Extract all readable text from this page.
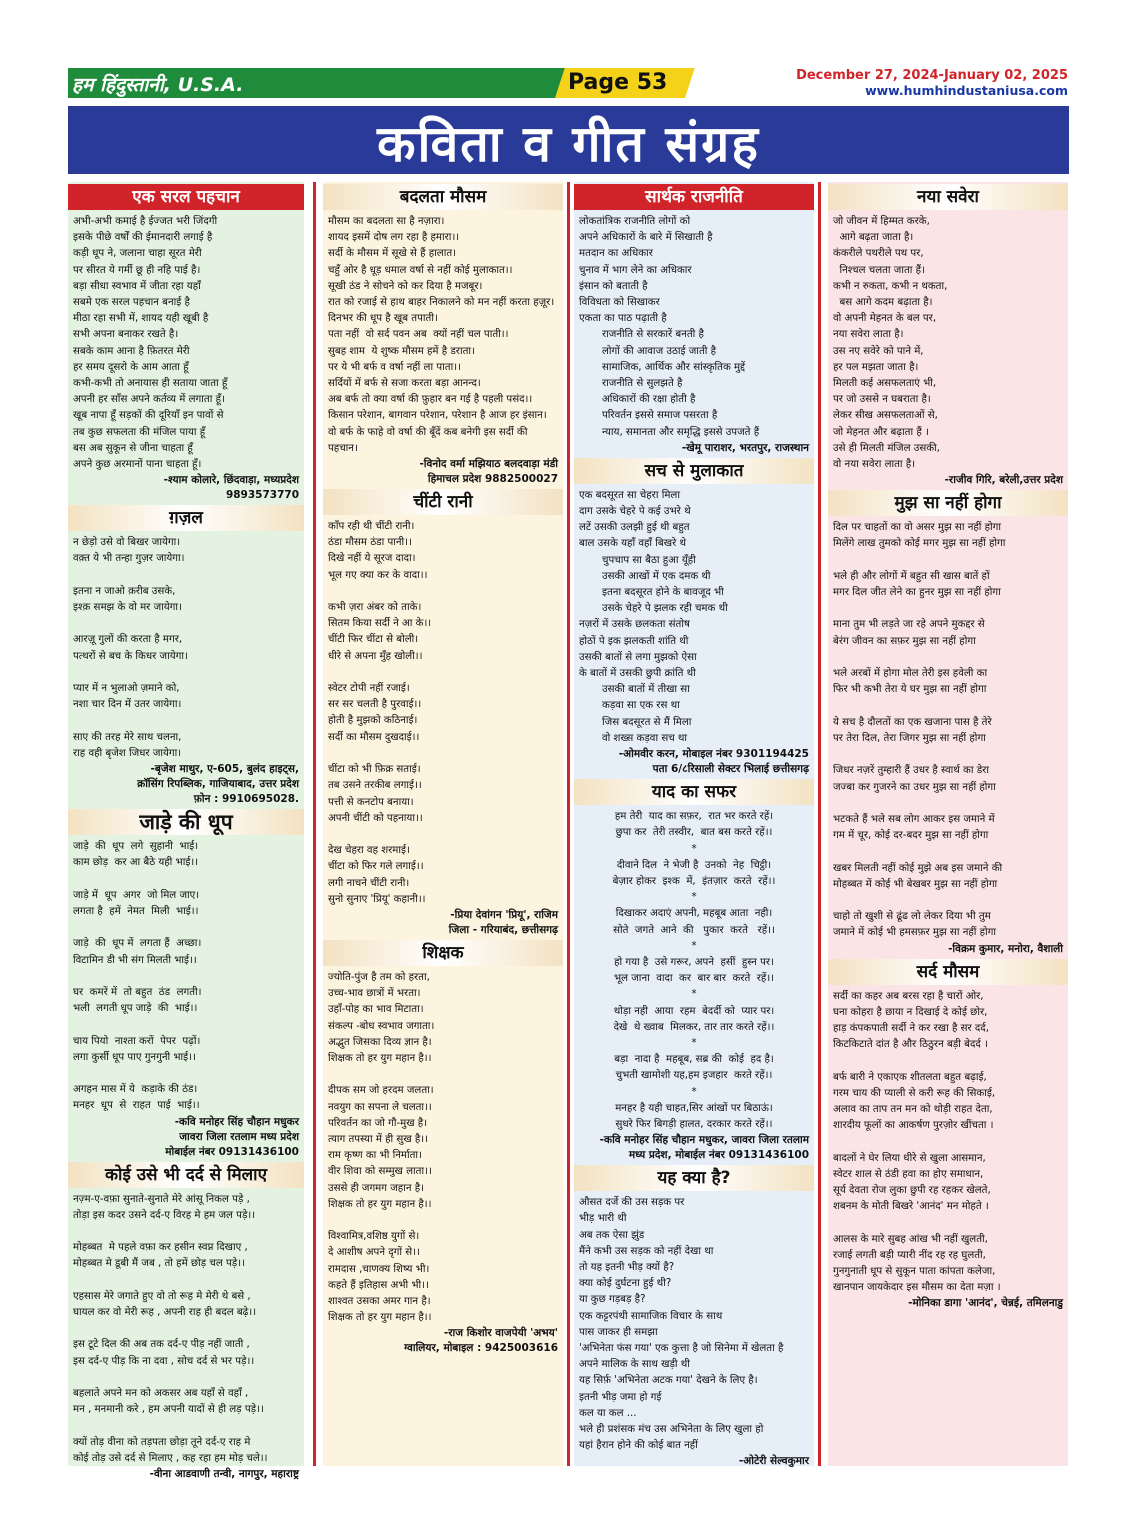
हम हिंदुस्तानी, U.S.A.	Page 53	December 27, 2024-January 02, 2025
www.humhindustaniusa.com
कविता व गीत संग्रह
एक सरल पहचान
अभी-अभी कमाई है ईज्जत भरी जिंदगी
इसके पीछे वर्षों की ईमानदारी लगाई है
कड़ी धूप ने, जलाना चाहा सूरत मेरी
पर सीरत ये गर्मी छू ही नहि पाई है।
बड़ा सीधा स्वभाव में जीता रहा यहाँ
सबमे एक सरल पहचान बनाई है
मीठा रहा सभी में, शायद यही खूबी है
सभी अपना बनाकर रखते है।
सबके काम आना है फ़ितरत मेरी
हर समय दूसरो के आम आता हूँ
कभी-कभी तो अनायास ही सताया जाता हूँ
अपनी हर साँस अपने कर्तव्य में लगाता हूँ।
खूब नापा हूँ सड़कों की दूरियाँ इन पावों से
तब कुछ सफलता की मंजिल पाया हूँ
बस अब सुकून से जीना चाहता हूँ
अपने कुछ अरमानों पाना चाहता हूँ।
-श्याम कोलारे, छिंदवाड़ा, मध्यप्रदेश
9893573770
ग़ज़ल
न छेड़ो उसे वो बिखर जायेगा।
वक़्त ये भी तन्हा गुज़र जायेगा।

इतना न जाओ क़रीब उसके,
इश्क़ समझ के वो मर जायेगा।

आरज़ू गुलों की करता है मगर,
पत्थरों से बच के किधर जायेगा।

प्यार में न भुलाओ ज़माने को,
नशा चार दिन में उतर जायेगा।

साए की तरह मेरे साथ चलना,
राह वही बृजेश जिधर जायेगा।
-बृजेश माथुर, ए-605, बुलंद हाइट्स,
क्रॉसिंग रिपब्लिक, गाजियाबाद, उत्तर प्रदेश
फ़ोन : 9910695028.
जाड़े की धूप
जाड़े  की  धूप  लगे  सुहानी  भाई।
काम छोड़  कर आ बैठे यही भाई।।

जाड़े में  धूप  अगर  जो मिल जाए।
लगता है  हमें  नेमत  मिली  भाई।।

जाड़े  की  धूप में  लगता हैं  अच्छा।
विटामिन डी भी संग मिलती भाई।।

घर  कमरें में  तो बहुत  ठंड  लगती।
भली  लगती धूप जाड़े  की  भाई।।

चाय पियो  नाश्ता करों  पेपर  पढ़ों।
लगा कुर्सी धूप पाए गुनगुनी भाई।।

अगहन मास में ये  कड़ाके की ठंड।
मनहर  धूप  से  राहत  पाई  भाई।।
-कवि मनोहर सिंह चौहान मधुकर
जावरा जिला रतलाम मध्य प्रदेश
मोबाईल नंबर 09131436100
कोई उसे भी दर्द से मिलाए
नज़्म-ए-वफ़ा सुनाते-सुनाते मेरे आंसू निकल पड़े ,
तोड़ा इस कदर उसने दर्द-ए विरह मे हम जल पड़े।।

मोहब्बत  मे पहले वफ़ा कर हसीन स्वप्न दिखाए ,
मोहब्बत मे डूबी मैं जब , तो हमें छोड़ चल पड़े।।

एहसास मेरे जगाते हुए वो तो रूह मे मेरी थे बसे ,
घायल कर वो मेरी रूह , अपनी राह ही बदल बढ़े।।

इस टूटे दिल की अब तक दर्द-ए पीड़ नहीं जाती ,
इस दर्द-ए पीड़ कि ना दवा , सोच दर्द से भर पड़े।।

बहलाते अपने मन को अकसर अब यहाँ से वहाँ ,
मन , मनमानी करे , हम अपनी यादों से ही लड़ पड़े।।

क्यों तोड़ वीना को तड़पता छोड़ा तूने दर्द-ए राह मे
कोई तोड़ उसे दर्द से मिलाए , कह रहा हम मोड़ चले।।
-वीना आडवाणी तन्वी, नागपुर, महाराष्ट्र
बदलता मौसम
मौसम का बदलता सा है नज़ारा।
शायद इसमें दोष लग रहा है हमारा।।
सर्दी के मौसम में सूखे से हैं हालात।
चहुँ ओर है धूड़ धमाल वर्षा से नहीं कोई मुलाकात।।
सूखी ठंड ने सोचने को कर दिया है मजबूर।
रात को रजाई से हाथ बाहर निकालने को मन नहीं करता हज़ूर।
दिनभर की धूप है खूब तपाती।
पता नहीं  वो सर्द पवन अब  क्यों नहीं चल पाती।।
सुबह शाम  ये शुष्क मौसम हमें है डराता।
पर ये भी बर्फ व वर्षा नहीं ला पाता।।
सर्दियों में बर्फ से सजा करता बड़ा आनन्द।
अब बर्फ तो क्या वर्षा की फ़ुहार बन गई है पहली पसंद।।
किसान परेशान, बागवान परेशान, परेशान है आज हर इंसान।
वो बर्फ के फाहे वो वर्षा की बूँदें कब बनेगी इस सर्दी की पहचान।
-विनोद वर्मा मझियाठ बलदवाड़ा मंडी
हिमाचल प्रदेश 9882500027
चींटी रानी
काँप रही थी चींटी रानी।
ठंडा मौसम ठंडा पानी।।
दिखे नहीं ये सूरज दादा।
भूल गए क्या कर के वादा।।

कभी ज़रा अंबर को ताके।
सितम किया सर्दी ने आ के।।
चींटी फिर चींटा से बोली।
धीरे से अपना मुँह खोली।।

स्वेटर टोपी नहीं रजाई।
सर सर चलती है पुरवाई।।
होती है मुझको कठिनाई।
सर्दी का मौसम दुखदाई।।

चींटा को भी फ़िक्र सताई।
तब उसने तरकीब लगाई।।
पत्ती से कनटोप बनाया।
अपनी चींटी को पहनाया।।

देख चेहरा वह शरमाई।
चींटा को फिर गले लगाई।।
लगी नाचने चींटी रानी।
सुनो सुनाए 'प्रियू' कहानी।।
-प्रिया देवांगन 'प्रियू', राजिम
जिला - गरियाबंद, छत्तीसगढ़
शिक्षक
ज्योति-पुंज है तम को हरता,
उच्च-भाव छात्रों में भरता।
उहाँ-पोह का भाव मिटाता।
संकल्प -बोध स्वभाव जगाता।
अद्भुत जिसका दिव्य ज्ञान है।
शिक्षक तो हर युग महान है।।

दीपक सम जो हरदम जलता।
नवयुग का सपना ले चलता।।
परिवर्तन का जो गौ-मुख है।
त्याग तपस्या में ही सुख है।।
राम कृष्ण का भी निर्माता।
वीर शिवा को सम्मुख लाता।।
उससे ही जगमग जहान है।
शिक्षक तो हर युग महान है।।

विश्वामित्र,वशिष्ठ युगों से।
दे आशीष अपने दृगों से।।
रामदास ,चाणक्य शिष्य भी।
कहते हैं इतिहास अभी भी।।
शाश्वत उसका अमर गान है।
शिक्षक तो हर युग महान है।।
-राज किशोर वाजपेयी 'अभय'
ग्वालियर, मोबाइल : 9425003616
सार्थक राजनीति
लोकतांत्रिक राजनीति लोगों को
अपने अधिकारों के बारे में सिखाती है
मतदान का अधिकार
चुनाव में भाग लेने का अधिकार
इंसान को बताती है
विविधता को सिखाकर
एकता का पाठ पढ़ाती है
राजनीति से सरकारें बनती है
लोगों की आवाज उठाई जाती है
सामाजिक, आर्थिक और सांस्कृतिक मुद्दें
राजनीति से सुलझते है
अधिकारों की रक्षा होती है
परिवर्तन इससे समाज पसरता है
न्याय, समानता और समृद्धि इससे उपजते हैं
-खेमू पाराशर, भरतपुर, राजस्थान
सच से मुलाकात
एक बदसूरत सा चेहरा मिला
दाग उसके चेहरे पे कई उभरे थे
लटें उसकी उलझी हुई थी बहुत
बाल उसके यहाँ वहाँ बिखरे थे
चुपचाप सा बैठा हुआ यूँही
उसकी आखों में एक दमक थी
इतना बदसूरत होने के बावजूद भी
उसके चेहरे पे झलक रही चमक थी
नज़रों में उसके छलकता संतोष
होठों पे इक झलकती शांति थी
उसकी बातों से लगा मुझको ऐसा
के बातों में उसकी छुपी क्रांति थी
उसकी बातों में तीखा सा
कड़वा सा एक रस था
जिस बदसूरत से मैं मिला
वो शख्स कड़वा सच था
-ओमवीर करन, मोबाइल नंबर 9301194425
पता 6/८रिसाली सेक्टर भिलाई छत्तीसगढ़
याद का सफर
हम तेरी  याद का सफ़र,  रात भर करते रहें।
छुपा कर  तेरी तस्वीर,  बात बस करते रहें।।
*
दीवाने दिल  ने भेजी है  उनको  नेह  चिट्ठी।
बेज़ार होकर  इश्क  में,  इंतज़ार  करते  रहें।।
*
दिखाकर अदाएं अपनी, महबूब आता  नही।
सोते  जगते  आने  की   पुकार  करते   रहें।।
*
हो गया है  उसे गरूर, अपने  हसीं  हुस्न पर।
भूल जाना  वादा  कर  बार बार  करते  रहें।।
*
थोड़ा नही  आया  रहम  बेदर्दी को  प्यार पर।
देखे  थे ख्वाब  मिलकर, तार तार करते रहें।।
*
बड़ा  नादा है  महबूब, सब्र की  कोई  हद है।
चुभती खामोशी यह,हम इजहार  करते रहें।।
*
मनहर है यही चाहत,सिर आंखों पर बिठाऊं।
सुधरे फिर बिगड़ी हालत, दरकार करते रहें।।
-कवि मनोहर सिंह चौहान मधुकर, जावरा जिला रतलाम
मध्य प्रदेश, मोबाईल नंबर 09131436100
यह क्या है?
औसत दर्जे की उस सड़क पर
भीड़ भारी थी
अब तक ऐसा झुंड
मैंने कभी उस सड़क को नहीं देखा था
तो यह इतनी भीड़ क्यों है?
क्या कोई दुर्घटना हुई थी?
या कुछ गड़बड़ है?
एक कट्टरपंथी सामाजिक विचार के साथ
पास जाकर ही समझा
'अभिनेता फंस गया' एक कुत्ता है जो सिनेमा में खेलता है
अपने मालिक के साथ खड़ी थी
यह सिर्फ़ 'अभिनेता अटक गया' देखने के लिए है।
इतनी भीड़ जमा हो गई
कल या कल ...
भले ही प्रशंसक मंच उस अभिनेता के लिए खुला हो
यहां हैरान होने की कोई बात नहीं
-ओटेरी सेल्वकुमार
नया सवेरा
जो जीवन में हिम्मत करके,
आगे बढ़ता जाता है।
कंकरीले पथरीले पथ पर,
निश्चल चलता जाता हैं।
कभी न रुकता, कभी न थकता,
बस आगे कदम बढ़ाता है।
वो अपनी मेहनत के बल पर,
नया सवेरा लाता है।
उस नए सवेरे को पाने में,
हर पल मझता जाता है।
मिलती कई असफलताएं भी,
पर जो उससे न घबराता है।
लेकर सीख असफलताओं से,
जो मेहनत और बढ़ाता हैं ।
उसे ही मिलती मंजिल उसकी,
वो नया सवेरा लाता है।
-राजीव गिरि, बरेली,उत्तर प्रदेश
मुझ सा नहीं होगा
दिल पर चाहतों का वो असर मुझ सा नहीं होगा
मिलेंगे लाख तुमको कोई मगर मुझ सा नहीं होगा

भले ही और लोगों में बहुत सी खास बातें हों
मगर दिल जीत लेने का हुनर मुझ सा नहीं होगा

माना तुम भी लड़ते जा रहे अपने मुकद्दर से
बेरंग जीवन का सफ़र मुझ सा नहीं होगा

भले अरबों में होगा मोल तेरी इस हवेली का
फिर भी कभी तेरा ये घर मुझ सा नहीं होगा

ये सच है दौलतों का एक खजाना पास है तेरे
पर तेरा दिल, तेरा जिगर मुझ सा नहीं होगा

जिधर नज़रें तुम्हारी हैं उधर है स्वार्थ का डेरा
जज्बा कर गुजरने का उधर मुझ सा नहीं होगा

भटकते हैं भले सब लोग आकर इस जमाने में
गम में चूर, कोई दर-बदर मुझ सा नहीं होगा

खबर मिलती नहीं कोई मुझे अब इस जमाने की
मोहब्बत में कोई भी बेखबर मुझ सा नहीं होगा

चाहो तो खुशी से ढूंढ लो लेकर दिया भी तुम
जमाने में कोई भी हमसफ़र मुझ सा नहीं होगा
-विक्रम कुमार, मनोरा, वैशाली
सर्द मौसम
सर्दी का कहर अब बरस रहा है चारों ओर,
घना कोहरा है छाया न दिखाई दे कोई छोर,
हाड़ कंपकपाती सर्दी ने कर रखा है सर दर्द,
किटकिटाते दांत है और ठिठुरन बड़ी बेदर्द ।

बर्फ बारी ने एकाएक शीतलता बहुत बढ़ाई,
गरम चाय की प्याली से करी रूह की सिकाई,
अलाव का ताप तन मन को थोड़ी राहत देता,
शारदीय फूलों का आकर्षण पुरज़ोर खींचता ।

बादलों ने घेर लिया धीरे से खुला आसमान,
स्वेटर शाल से ठंडी हवा का होए समाधान,
सूर्य देवता रोज लुका छुपी रह रहकर खेलते,
शबनम के मोती बिखरे 'आनंद' मन मोहते ।

आलस के मारे सुबह आंख भी नहीं खुलती,
रजाई लगती बड़ी प्यारी नींद रह रह घुलती,
गुनगुनाती धूप से सुकून पाता कांपता कलेजा,
खानपान जायकेदार इस मौसम का देता मज़ा ।
-मोनिका डागा 'आनंद', चेन्नई, तमिलनाडु
